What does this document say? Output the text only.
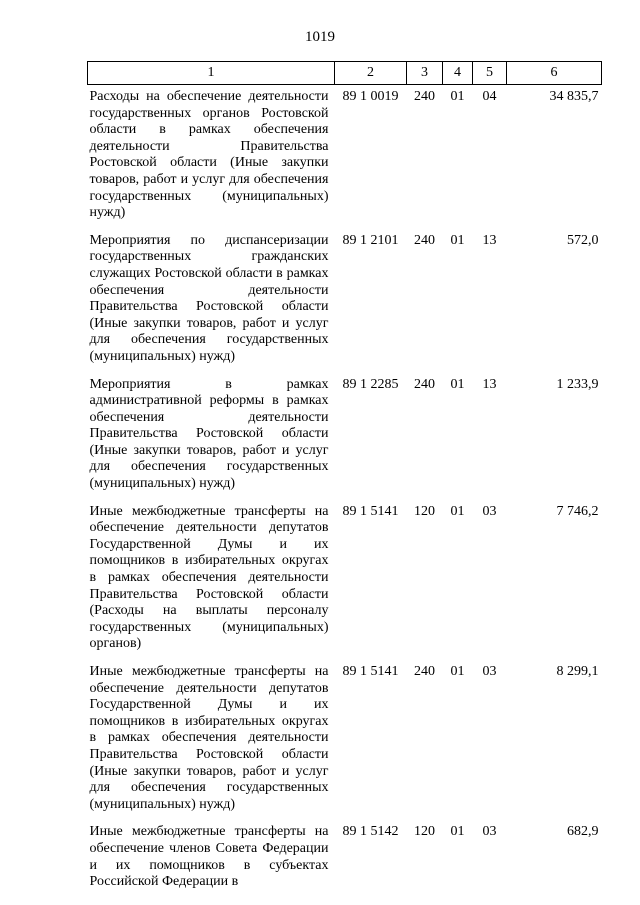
1019
1	2	3	4	5	6
Расходы на обеспечение деятельности государственных органов Ростовской области в рамках обеспечения деятельности Правительства Ростовской области (Иные закупки товаров, работ и услуг для обеспечения государственных (муниципальных) нужд)	89 1 0019	240	01	04	34 835,7
Мероприятия по диспансеризации государственных гражданских служащих Ростовской области в рамках обеспечения деятельности Правительства Ростовской области (Иные закупки товаров, работ и услуг для обеспечения государственных (муниципальных) нужд)	89 1 2101	240	01	13	572,0
Мероприятия в рамках административной реформы в рамках обеспечения деятельности Правительства Ростовской области (Иные закупки товаров, работ и услуг для обеспечения государственных (муниципальных) нужд)	89 1 2285	240	01	13	1 233,9
Иные межбюджетные трансферты на обеспечение деятельности депутатов Государственной Думы и их помощников в избирательных округах в рамках обеспечения деятельности Правительства Ростовской области (Расходы на выплаты персоналу государственных (муниципальных) органов)	89 1 5141	120	01	03	7 746,2
Иные межбюджетные трансферты на обеспечение деятельности депутатов Государственной Думы и их помощников в избирательных округах в рамках обеспечения деятельности Правительства Ростовской области (Иные закупки товаров, работ и услуг для обеспечения государственных (муниципальных) нужд)	89 1 5141	240	01	03	8 299,1
Иные межбюджетные трансферты на обеспечение членов Совета Федерации и их помощников в субъектах Российской Федерации в	89 1 5142	120	01	03	682,9
